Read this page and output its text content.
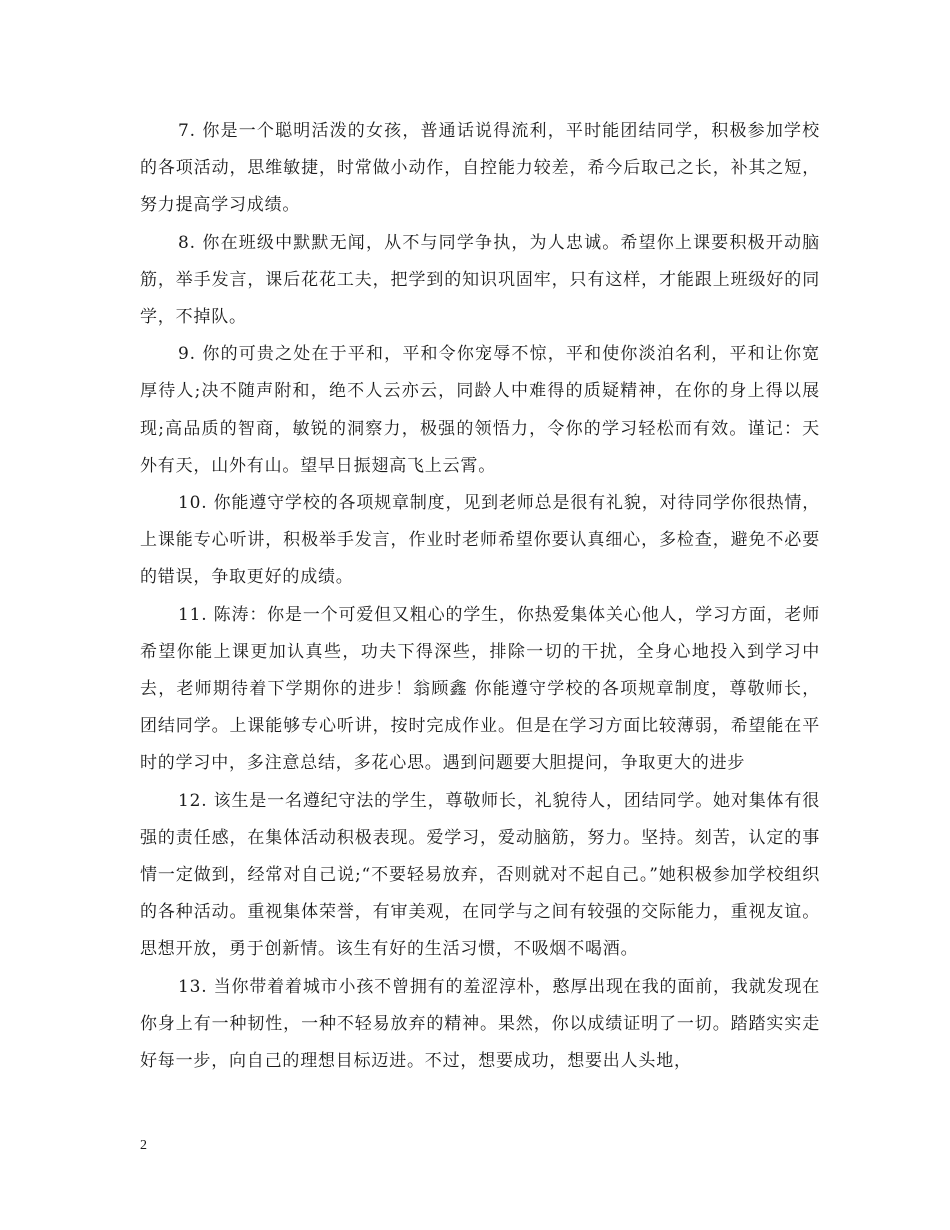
7. 你是一个聪明活泼的女孩，普通话说得流利，平时能团结同学，积极参加学校的各项活动，思维敏捷，时常做小动作，自控能力较差，希今后取己之长，补其之短，努力提高学习成绩。

8. 你在班级中默默无闻，从不与同学争执，为人忠诚。希望你上课要积极开动脑筋，举手发言，课后花花工夫，把学到的知识巩固牢，只有这样，才能跟上班级好的同学，不掉队。

9. 你的可贵之处在于平和，平和令你宠辱不惊，平和使你淡泊名利，平和让你宽厚待人;决不随声附和，绝不人云亦云，同龄人中难得的质疑精神，在你的身上得以展现;高品质的智商，敏锐的洞察力，极强的领悟力，令你的学习轻松而有效。谨记：天外有天，山外有山。望早日振翅高飞上云霄。

10. 你能遵守学校的各项规章制度，见到老师总是很有礼貌，对待同学你很热情，上课能专心听讲，积极举手发言，作业时老师希望你要认真细心，多检查，避免不必要的错误，争取更好的成绩。

11. 陈涛：你是一个可爱但又粗心的学生，你热爱集体关心他人，学习方面，老师希望你能上课更加认真些，功夫下得深些，排除一切的干扰，全身心地投入到学习中去，老师期待着下学期你的进步！翁顾鑫 你能遵守学校的各项规章制度，尊敬师长，团结同学。上课能够专心听讲，按时完成作业。但是在学习方面比较薄弱，希望能在平时的学习中，多注意总结，多花心思。遇到问题要大胆提问，争取更大的进步

12. 该生是一名遵纪守法的学生，尊敬师长，礼貌待人，团结同学。她对集体有很强的责任感，在集体活动积极表现。爱学习，爱动脑筋，努力。坚持。刻苦，认定的事情一定做到，经常对自己说;“不要轻易放弃，否则就对不起自己。”她积极参加学校组织的各种活动。重视集体荣誉，有审美观，在同学与之间有较强的交际能力，重视友谊。思想开放，勇于创新情。该生有好的生活习惯，不吸烟不喝酒。

13. 当你带着着城市小孩不曾拥有的羞涩淳朴，憨厚出现在我的面前，我就发现在你身上有一种韧性，一种不轻易放弃的精神。果然，你以成绩证明了一切。踏踏实实走好每一步，向自己的理想目标迈进。不过，想要成功，想要出人头地，

2
